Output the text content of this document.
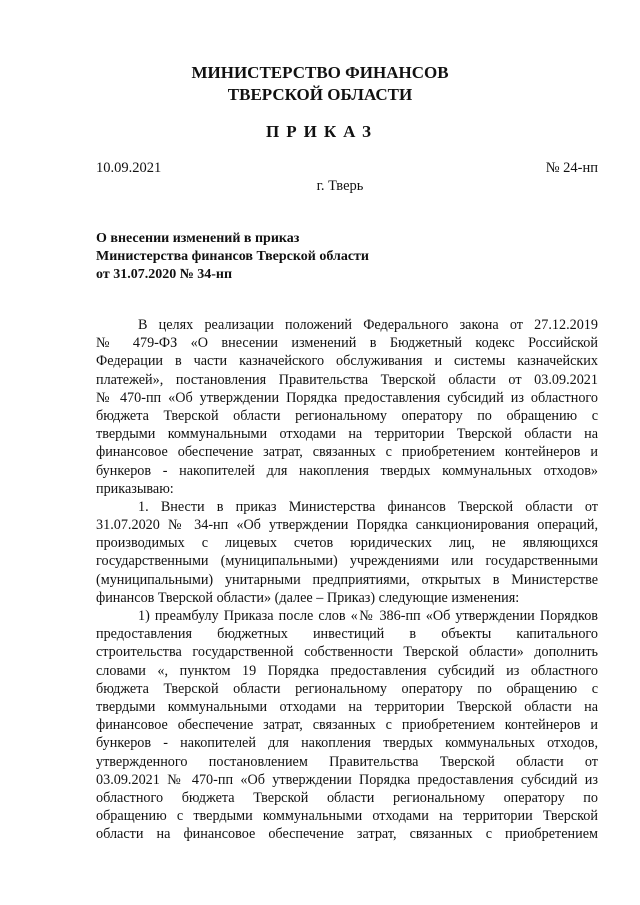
МИНИСТЕРСТВО ФИНАНСОВ
ТВЕРСКОЙ ОБЛАСТИ
ПРИКАЗ
10.09.2021	№ 24-нп
г. Тверь
О внесении изменений в приказ
Министерства финансов Тверской области
от 31.07.2020 № 34-нп
В целях реализации положений Федерального закона от 27.12.2019
№ 479-ФЗ «О внесении изменений в Бюджетный кодекс Российской
Федерации в части казначейского обслуживания и системы казначейских
платежей», постановления Правительства Тверской области от 03.09.2021
№ 470-пп «Об утверждении Порядка предоставления субсидий из областного
бюджета Тверской области региональному оператору по обращению с
твердыми коммунальными отходами на территории Тверской области на
финансовое обеспечение затрат, связанных с приобретением контейнеров и
бункеров - накопителей для накопления твердых коммунальных отходов»
приказываю:
1. Внести в приказ Министерства финансов Тверской области от
31.07.2020 № 34-нп «Об утверждении Порядка санкционирования операций,
производимых с лицевых счетов юридических лиц, не являющихся
государственными (муниципальными) учреждениями или государственными
(муниципальными) унитарными предприятиями, открытых в Министерстве
финансов Тверской области» (далее – Приказ) следующие изменения:
1) преамбулу Приказа после слов «№ 386-пп «Об утверждении Порядков
предоставления бюджетных инвестиций в объекты капитального
строительства государственной собственности Тверской области» дополнить
словами «, пунктом 19 Порядка предоставления субсидий из областного
бюджета Тверской области региональному оператору по обращению с
твердыми коммунальными отходами на территории Тверской области на
финансовое обеспечение затрат, связанных с приобретением контейнеров и
бункеров - накопителей для накопления твердых коммунальных отходов,
утвержденного постановлением Правительства Тверской области от
03.09.2021 № 470-пп «Об утверждении Порядка предоставления субсидий из
областного бюджета Тверской области региональному оператору по
обращению с твердыми коммунальными отходами на территории Тверской
области на финансовое обеспечение затрат, связанных с приобретением
